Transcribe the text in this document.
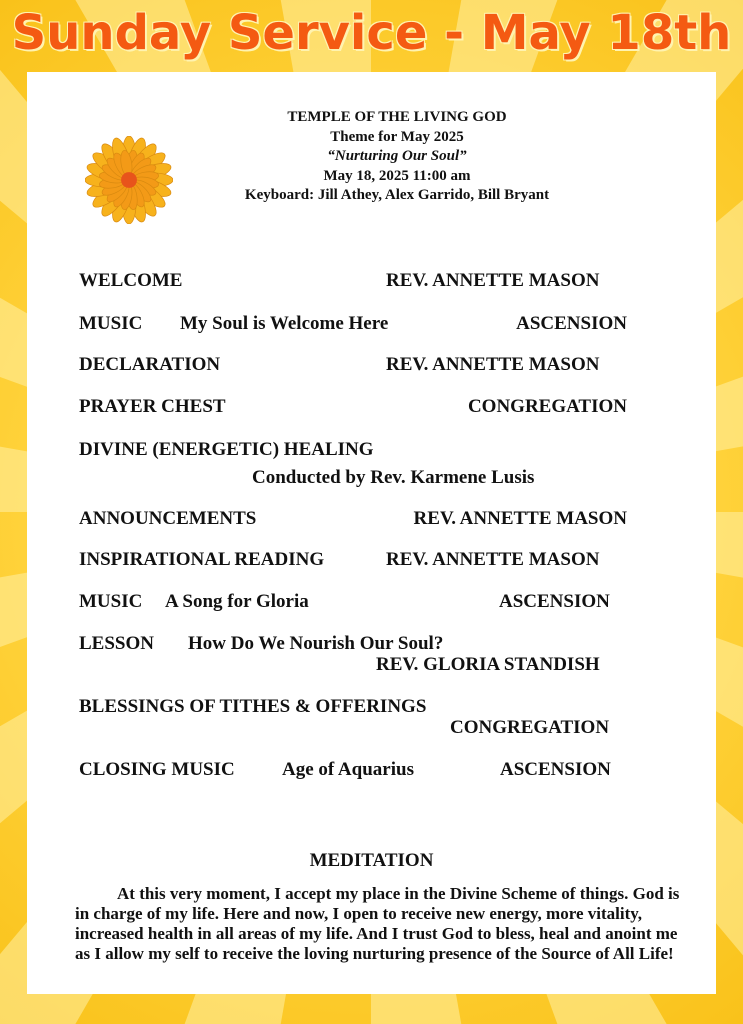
Sunday Service - May 18th
TEMPLE OF THE LIVING GOD
Theme for May 2025
“Nurturing Our Soul”
May 18, 2025 11:00 am
Keyboard: Jill Athey, Alex Garrido, Bill Bryant
WELCOME	REV. ANNETTE MASON
MUSIC My Soul is Welcome Here	ASCENSION
DECLARATION	REV. ANNETTE MASON
PRAYER CHEST	CONGREGATION
DIVINE (ENERGETIC) HEALING
Conducted by Rev. Karmene Lusis
ANNOUNCEMENTS	REV. ANNETTE MASON
INSPIRATIONAL READING	REV. ANNETTE MASON
MUSIC A Song for Gloria	ASCENSION
LESSON How Do We Nourish Our Soul?
REV. GLORIA STANDISH
BLESSINGS OF TITHES & OFFERINGS
CONGREGATION
CLOSING MUSIC Age of Aquarius	ASCENSION
MEDITATION
At this very moment, I accept my place in the Divine Scheme of things. God is in charge of my life. Here and now, I open to receive new energy, more vitality, increased health in all areas of my life. And I trust God to bless, heal and anoint me as I allow my self to receive the loving nurturing presence of the Source of All Life!
